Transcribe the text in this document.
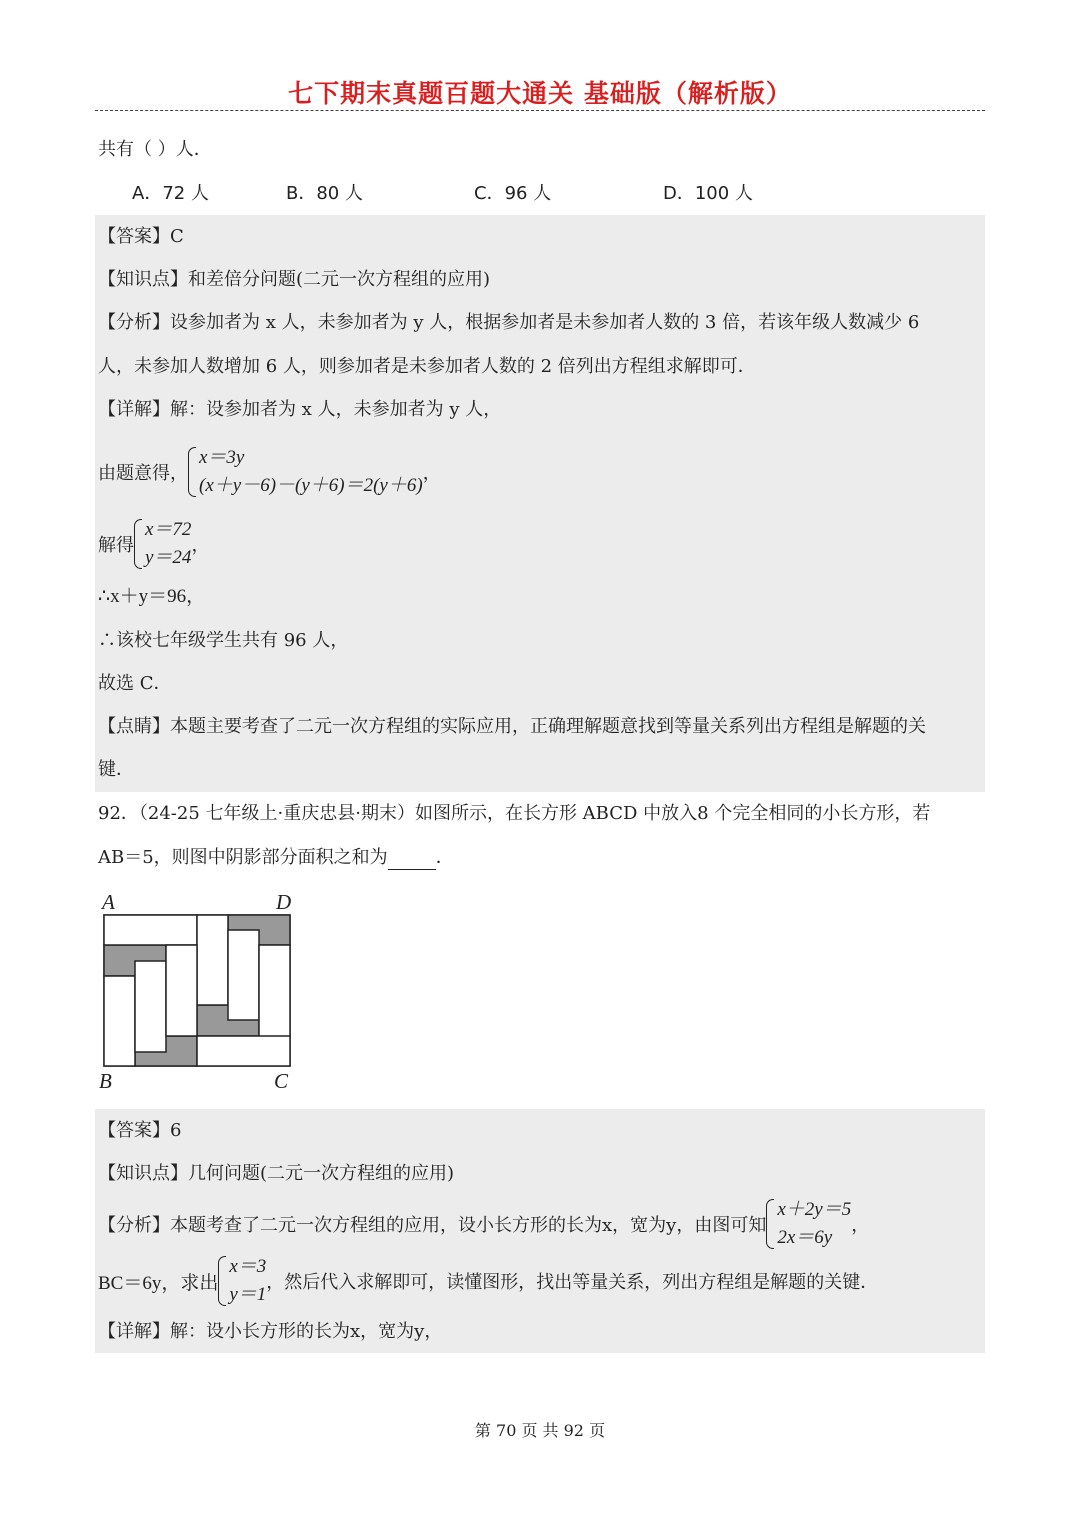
七下期末真题百题大通关 基础版（解析版）
共有（ ）人．
A．72 人	B．80 人	C．96 人	D．100 人
【答案】C
【知识点】和差倍分问题(二元一次方程组的应用)
【分析】设参加者为 x 人，未参加者为 y 人，根据参加者是未参加者人数的 3 倍，若该年级人数减少 6
人，未参加人数增加 6 人，则参加者是未参加者人数的 2 倍列出方程组求解即可．
【详解】解：设参加者为 x 人，未参加者为 y 人，
由题意得，
x＝3y
(x＋y－6)－(y＋6)＝2(y＋6)
，
解得
x＝72
y＝24
，
∴x＋y＝96，
∴该校七年级学生共有 96 人，
故选 C．
【点睛】本题主要考查了二元一次方程组的实际应用，正确理解题意找到等量关系列出方程组是解题的关
键．
92．（24-25 七年级上·重庆忠县·期末）如图所示，在长方形 ABCD 中放入8 个完全相同的小长方形，若
AB＝5，则图中阴影部分面积之和为	．
A	D
B	C
【答案】6
【知识点】几何问题(二元一次方程组的应用)
【分析】本题考查了二元一次方程组的应用，设小长方形的长为x，宽为y，由图可知
x＋2y＝5
2x＝6y
，
BC＝6y，求出
x＝3
y＝1
，然后代入求解即可，读懂图形，找出等量关系，列出方程组是解题的关键．
【详解】解：设小长方形的长为x，宽为y，
第 70 页 共 92 页
